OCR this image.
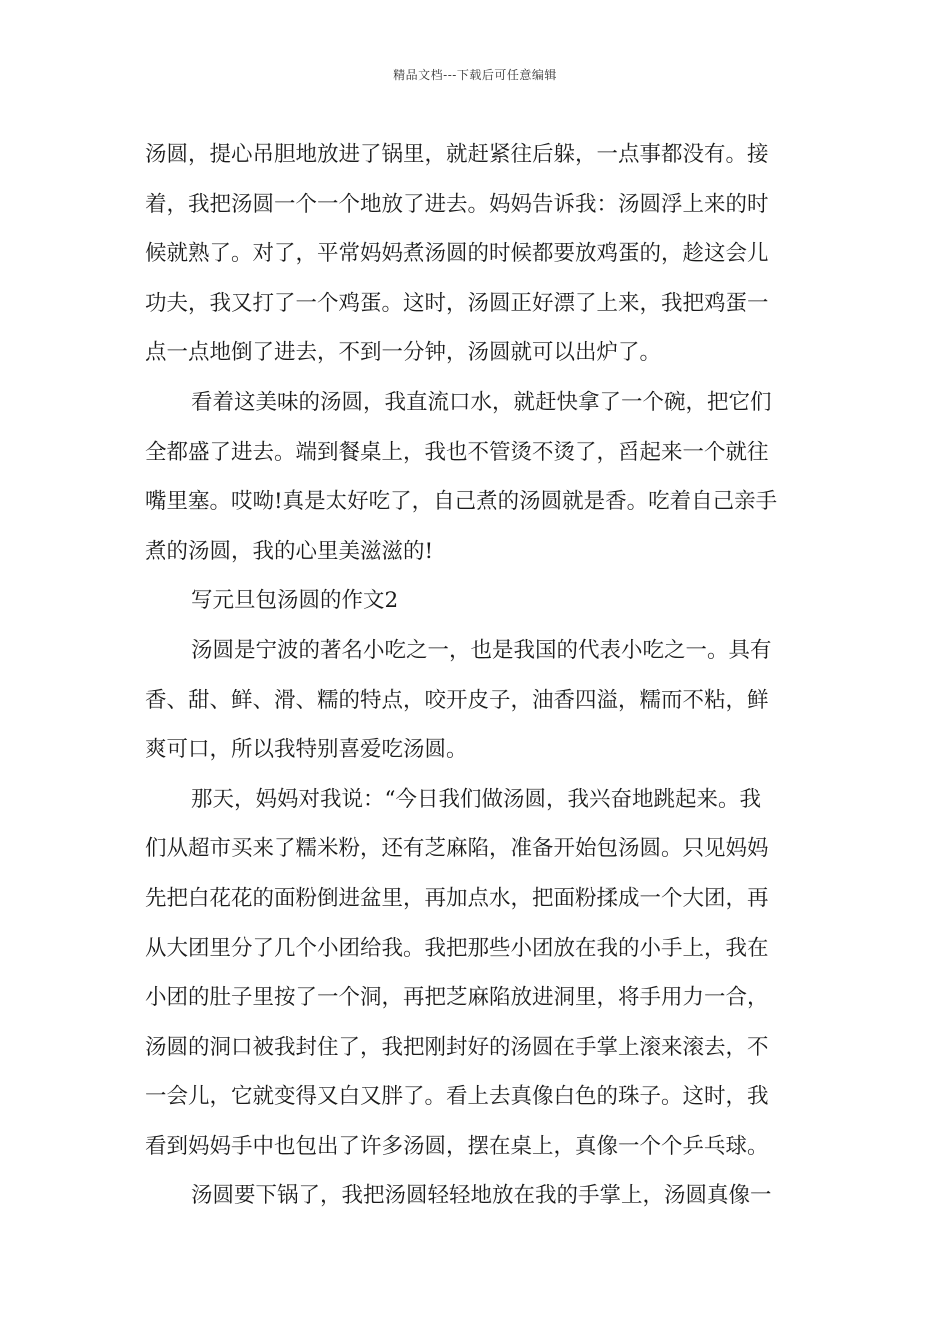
精品文档---下载后可任意编辑
汤圆，提心吊胆地放进了锅里，就赶紧往后躲，一点事都没有。接
着，我把汤圆一个一个地放了进去。妈妈告诉我：汤圆浮上来的时
候就熟了。对了，平常妈妈煮汤圆的时候都要放鸡蛋的，趁这会儿
功夫，我又打了一个鸡蛋。这时，汤圆正好漂了上来，我把鸡蛋一
点一点地倒了进去，不到一分钟，汤圆就可以出炉了。
看着这美味的汤圆，我直流口水，就赶快拿了一个碗，把它们
全都盛了进去。端到餐桌上，我也不管烫不烫了，舀起来一个就往
嘴里塞。哎呦!真是太好吃了，自己煮的汤圆就是香。吃着自己亲手
煮的汤圆，我的心里美滋滋的!
写元旦包汤圆的作文2
汤圆是宁波的著名小吃之一，也是我国的代表小吃之一。具有
香、甜、鲜、滑、糯的特点，咬开皮子，油香四溢，糯而不粘，鲜
爽可口，所以我特别喜爱吃汤圆。
那天，妈妈对我说：“今日我们做汤圆，我兴奋地跳起来。我
们从超市买来了糯米粉，还有芝麻陷，准备开始包汤圆。只见妈妈
先把白花花的面粉倒进盆里，再加点水，把面粉揉成一个大团，再
从大团里分了几个小团给我。我把那些小团放在我的小手上，我在
小团的肚子里按了一个洞，再把芝麻陷放进洞里，将手用力一合，
汤圆的洞口被我封住了，我把刚封好的汤圆在手掌上滚来滚去，不
一会儿，它就变得又白又胖了。看上去真像白色的珠子。这时，我
看到妈妈手中也包出了许多汤圆，摆在桌上，真像一个个乒乓球。
汤圆要下锅了，我把汤圆轻轻地放在我的手掌上，汤圆真像一
